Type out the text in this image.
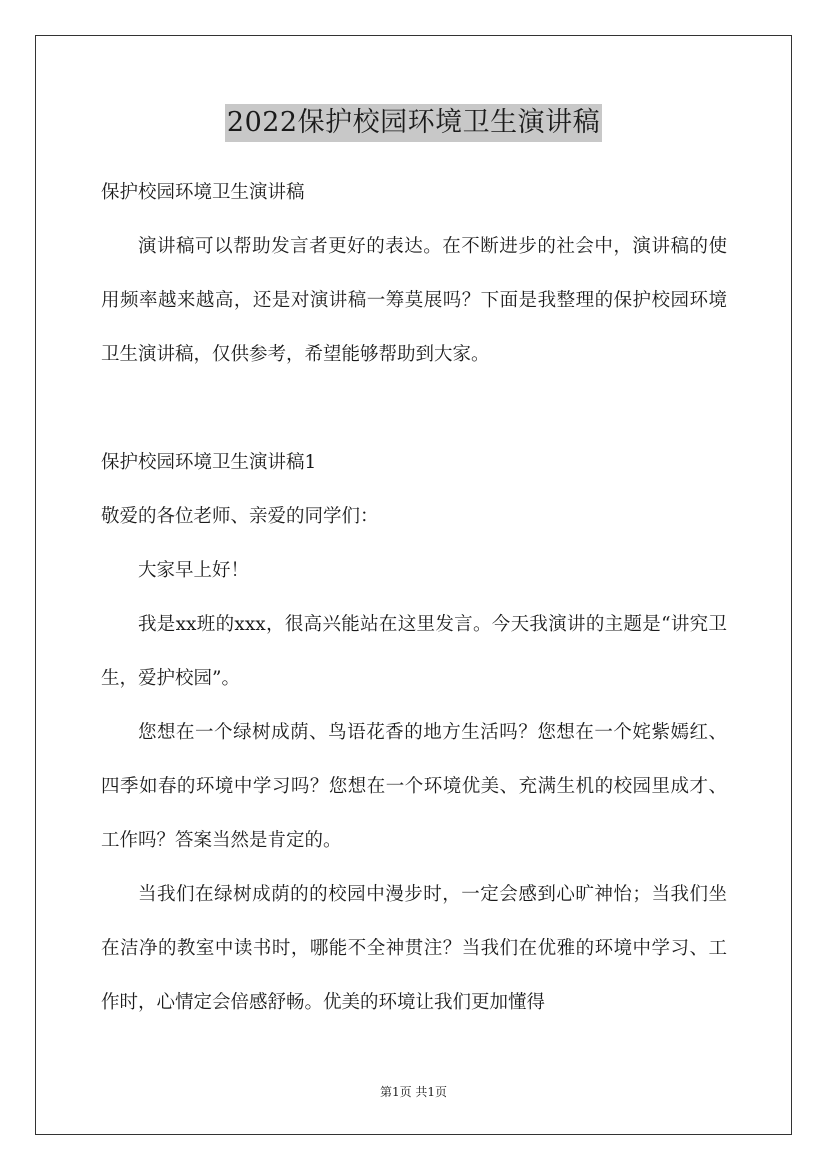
2022保护校园环境卫生演讲稿

保护校园环境卫生演讲稿

演讲稿可以帮助发言者更好的表达。在不断进步的社会中，演讲稿的使用频率越来越高，还是对演讲稿一筹莫展吗？下面是我整理的保护校园环境卫生演讲稿，仅供参考，希望能够帮助到大家。

保护校园环境卫生演讲稿1

敬爱的各位老师、亲爱的同学们：

大家早上好！

我是xx班的xxx，很高兴能站在这里发言。今天我演讲的主题是“讲究卫生，爱护校园”。

您想在一个绿树成荫、鸟语花香的地方生活吗？您想在一个姹紫嫣红、四季如春的环境中学习吗？您想在一个环境优美、充满生机的校园里成才、工作吗？答案当然是肯定的。

当我们在绿树成荫的的校园中漫步时，一定会感到心旷神怡；当我们坐在洁净的教室中读书时，哪能不全神贯注？当我们在优雅的环境中学习、工作时，心情定会倍感舒畅。优美的环境让我们更加懂得

第1页 共1页
